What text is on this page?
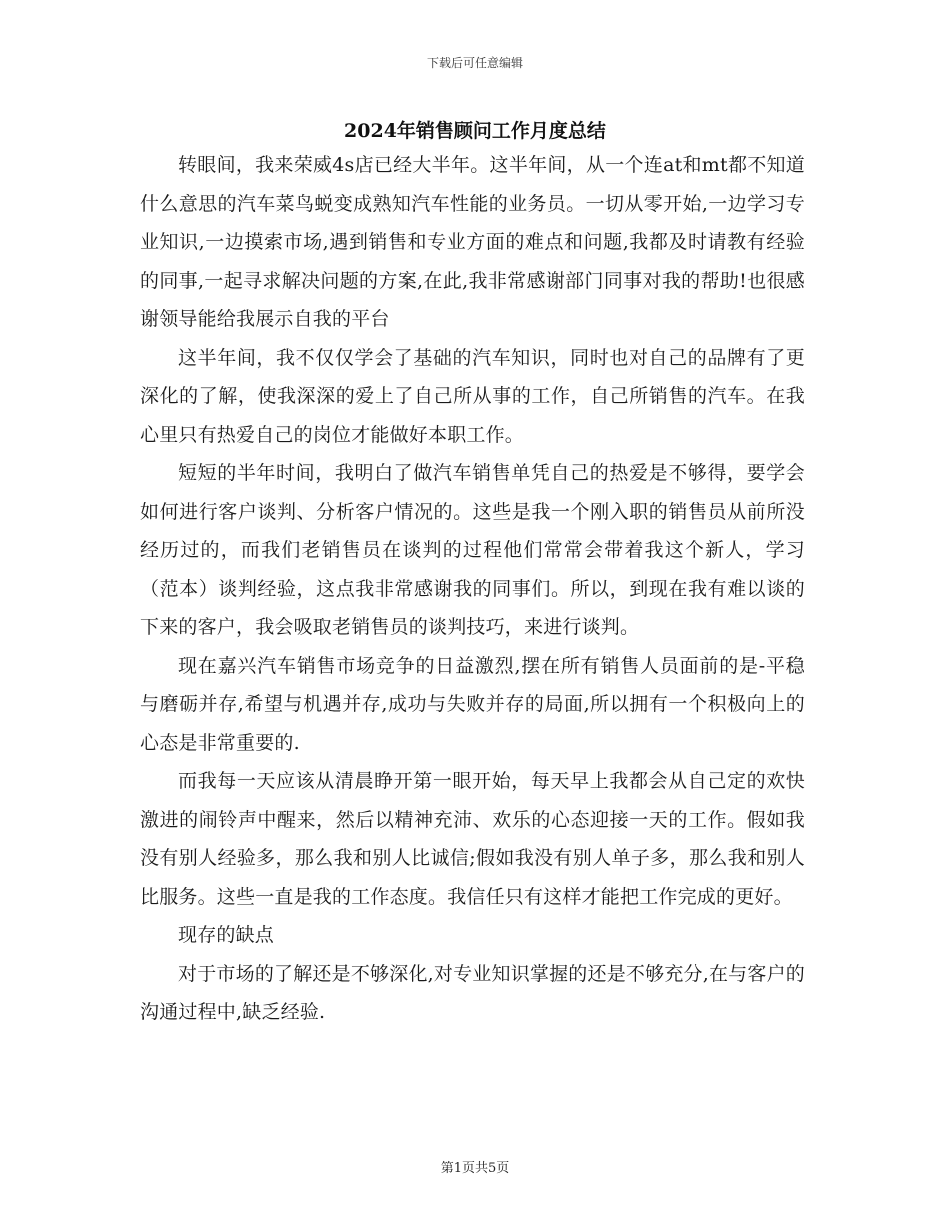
下载后可任意编辑
2024年销售顾问工作月度总结

转眼间，我来荣威4s店已经大半年。这半年间，从一个连at和mt都不知道什么意思的汽车菜鸟蜕变成熟知汽车性能的业务员。一切从零开始,一边学习专业知识,一边摸索市场,遇到销售和专业方面的难点和问题,我都及时请教有经验的同事,一起寻求解决问题的方案,在此,我非常感谢部门同事对我的帮助!也很感谢领导能给我展示自我的平台

这半年间，我不仅仅学会了基础的汽车知识，同时也对自己的品牌有了更深化的了解，使我深深的爱上了自己所从事的工作，自己所销售的汽车。在我心里只有热爱自己的岗位才能做好本职工作。

短短的半年时间，我明白了做汽车销售单凭自己的热爱是不够得，要学会如何进行客户谈判、分析客户情况的。这些是我一个刚入职的销售员从前所没经历过的，而我们老销售员在谈判的过程他们常常会带着我这个新人，学习（范本）谈判经验，这点我非常感谢我的同事们。所以，到现在我有难以谈的下来的客户，我会吸取老销售员的谈判技巧，来进行谈判。

现在嘉兴汽车销售市场竞争的日益激烈,摆在所有销售人员面前的是-平稳与磨砺并存,希望与机遇并存,成功与失败并存的局面,所以拥有一个积极向上的心态是非常重要的.

而我每一天应该从清晨睁开第一眼开始，每天早上我都会从自己定的欢快激进的闹铃声中醒来，然后以精神充沛、欢乐的心态迎接一天的工作。假如我没有别人经验多，那么我和别人比诚信;假如我没有别人单子多，那么我和别人比服务。这些一直是我的工作态度。我信任只有这样才能把工作完成的更好。

现存的缺点

对于市场的了解还是不够深化,对专业知识掌握的还是不够充分,在与客户的沟通过程中,缺乏经验.

第1页共5页
